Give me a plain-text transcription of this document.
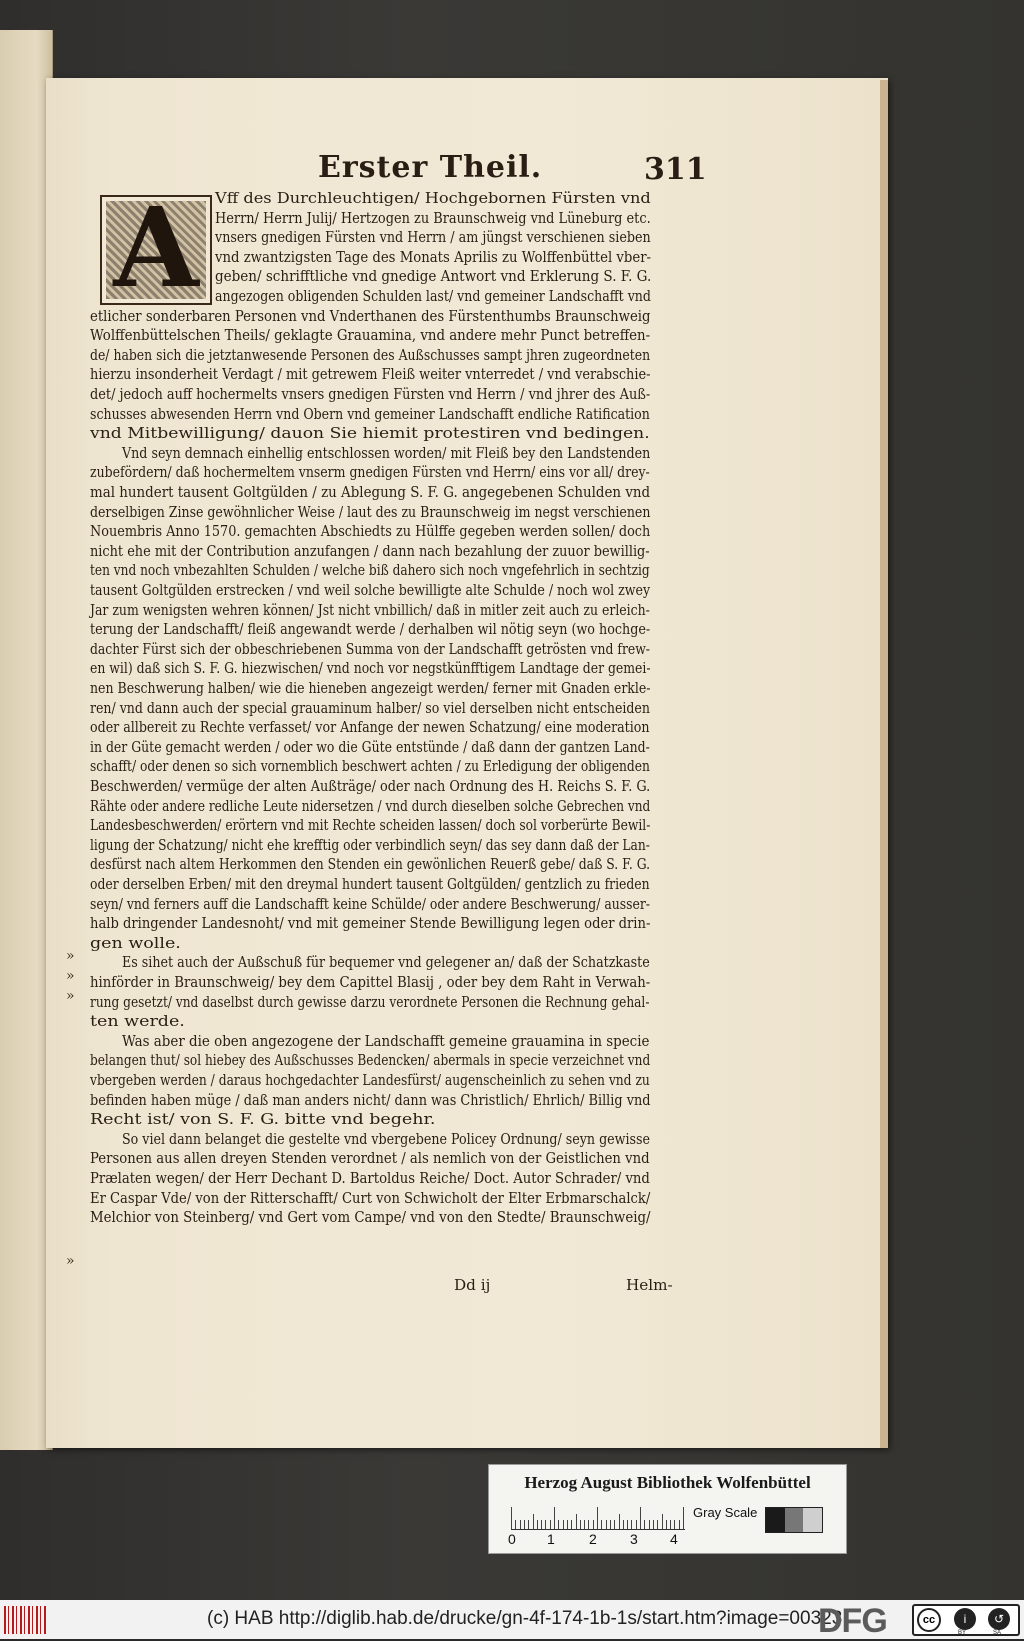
Erster Theil.	311
A	Vff des Durchleuchtigen/ Hochgebornen Fürsten vnd
Herrn/ Herrn Julij/ Hertzogen zu Braunschweig vnd Lüneburg etc.
vnsers gnedigen Fürsten vnd Herrn / am jüngst verschienen sieben
vnd zwantzigsten Tage des Monats Aprilis zu Wolffenbüttel vber-
geben/ schrifftliche vnd gnedige Antwort vnd Erklerung S. F. G.
angezogen obligenden Schulden last/ vnd gemeiner Landschafft vnd
etlicher sonderbaren Personen vnd Vnderthanen des Fürstenthumbs Braunschweig
Wolffenbüttelschen Theils/ geklagte Grauamina, vnd andere mehr Punct betreffen-
de/ haben sich die jetztanwesende Personen des Außschusses sampt jhren zugeordneten
hierzu insonderheit Verdagt / mit getrewem Fleiß weiter vnterredet / vnd verabschie-
det/ jedoch auff hochermelts vnsers gnedigen Fürsten vnd Herrn / vnd jhrer des Auß-
schusses abwesenden Herrn vnd Obern vnd gemeiner Landschafft endliche Ratification
vnd Mitbewilligung/ dauon Sie hiemit protestiren vnd bedingen.
Vnd seyn demnach einhellig entschlossen worden/ mit Fleiß bey den Landstenden
zubefördern/ daß hochermeltem vnserm gnedigen Fürsten vnd Herrn/ eins vor all/ drey-
mal hundert tausent Goltgülden / zu Ablegung S. F. G. angegebenen Schulden vnd
derselbigen Zinse gewöhnlicher Weise / laut des zu Braunschweig im negst verschienen
Nouembris Anno 1570. gemachten Abschiedts zu Hülffe gegeben werden sollen/ doch
nicht ehe mit der Contribution anzufangen / dann nach bezahlung der zuuor bewillig-
ten vnd noch vnbezahlten Schulden / welche biß dahero sich noch vngefehrlich in sechtzig
tausent Goltgülden erstrecken / vnd weil solche bewilligte alte Schulde / noch wol zwey
Jar zum wenigsten wehren können/ Jst nicht vnbillich/ daß in mitler zeit auch zu erleich-
terung der Landschafft/ fleiß angewandt werde / derhalben wil nötig seyn (wo hochge-
dachter Fürst sich der obbeschriebenen Summa von der Landschafft getrösten vnd frew-
en wil) daß sich S. F. G. hiezwischen/ vnd noch vor negstkünfftigem Landtage der gemei-
nen Beschwerung halben/ wie die hieneben angezeigt werden/ ferner mit Gnaden erkle-
ren/ vnd dann auch der special grauaminum halber/ so viel derselben nicht entscheiden
oder allbereit zu Rechte verfasset/ vor Anfange der newen Schatzung/ eine moderation
in der Güte gemacht werden / oder wo die Güte entstünde / daß dann der gantzen Land-
schafft/ oder denen so sich vornemblich beschwert achten / zu Erledigung der obligenden
Beschwerden/ vermüge der alten Außträge/ oder nach Ordnung des H. Reichs S. F. G.
Rähte oder andere redliche Leute nidersetzen / vnd durch dieselben solche Gebrechen vnd
Landesbeschwerden/ erörtern vnd mit Rechte scheiden lassen/ doch sol vorberürte Bewil-
ligung der Schatzung/ nicht ehe krefftig oder verbindlich seyn/ das sey dann daß der Lan-
desfürst nach altem Herkommen den Stenden ein gewönlichen Reuerß gebe/ daß S. F. G.
oder derselben Erben/ mit den dreymal hundert tausent Goltgülden/ gentzlich zu frieden
seyn/ vnd ferners auff die Landschafft keine Schülde/ oder andere Beschwerung/ ausser-
halb dringender Landesnoht/ vnd mit gemeiner Stende Bewilligung legen oder drin-
gen wolle.
Es sihet auch der Außschuß für bequemer vnd gelegener an/ daß der Schatzkaste
hinförder in Braunschweig/ bey dem Capittel Blasij , oder bey dem Raht in Verwah-
rung gesetzt/ vnd daselbst durch gewisse darzu verordnete Personen die Rechnung gehal-
ten werde.
Was aber die oben angezogene der Landschafft gemeine grauamina in specie
belangen thut/ sol hiebey des Außschusses Bedencken/ abermals in specie verzeichnet vnd
vbergeben werden / daraus hochgedachter Landesfürst/ augenscheinlich zu sehen vnd zu
befinden haben müge / daß man anders nicht/ dann was Christlich/ Ehrlich/ Billig vnd
Recht ist/ von S. F. G. bitte vnd begehr.
So viel dann belanget die gestelte vnd vbergebene Policey Ordnung/ seyn gewisse
Personen aus allen dreyen Stenden verordnet / als nemlich von der Geistlichen vnd
Prælaten wegen/ der Herr Dechant D. Bartoldus Reiche/ Doct. Autor Schrader/ vnd
Er Caspar Vde/ von der Ritterschafft/ Curt von Schwicholt der Elter Erbmarschalck/
Melchior von Steinberg/ vnd Gert vom Campe/ vnd von den Stedte/ Braunschweig/
»
»
»
»
Dd ij	Helm-
Herzog August Bibliothek Wolfenbüttel
0 1 2 3 4
Gray Scale
(c) HAB http://diglib.hab.de/drucke/gn-4f-174-1b-1s/start.htm?image=00323
DFG	cc	i	↺
BY	SA
